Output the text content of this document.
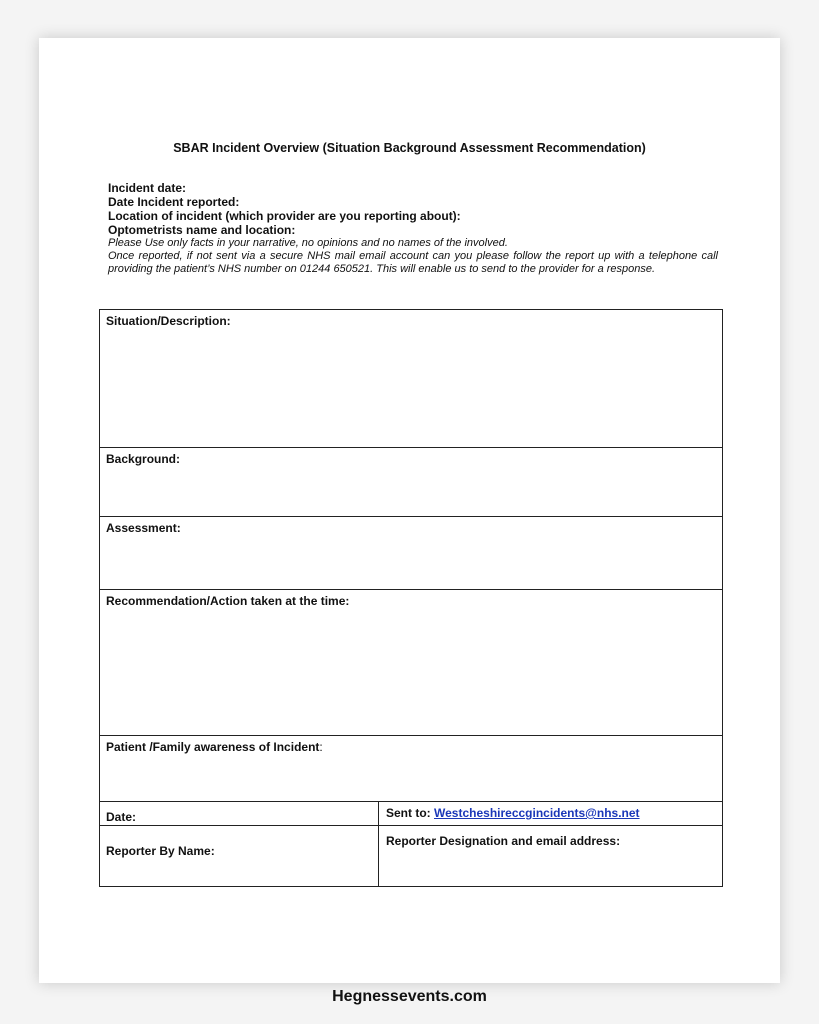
SBAR Incident Overview (Situation Background Assessment Recommendation)

Incident date:

Date Incident reported:

Location of incident (which provider are you reporting about):

Optometrists name and location:

Please Use only facts in your narrative, no opinions and no names of the involved.

Once reported, if not sent via a secure NHS mail email account can you please follow the report up with a telephone call providing the patient’s NHS number on 01244 650521. This will enable us to send to the provider for a response.

Situation/Description:
Background:
Assessment:
Recommendation/Action taken at the time:
Patient /Family awareness of Incident:
Date:	Sent to: Westcheshireccgincidents@nhs.net
Reporter By Name:
Reporter Designation and email address:
Hegnessevents.com
